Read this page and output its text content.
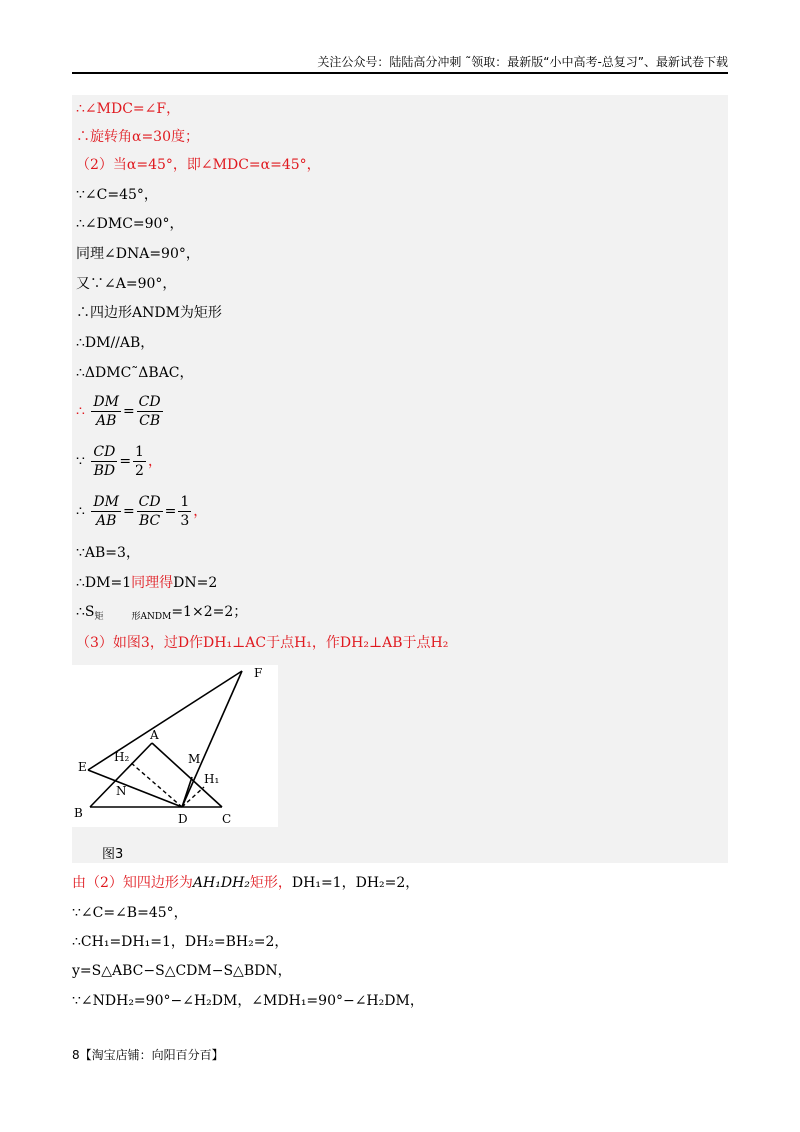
关注公众号：陆陆高分冲刺 ˜领取：最新版“小中高考-总复习”、最新试卷下载
∴∠MDC=∠F，
∴旋转角α=30度；
（2）当α=45°，即∠MDC=α=45°，
∵∠C=45°，
∴∠DMC=90°，
同理∠DNA=90°，
又∵∠A=90°，
∴四边形ANDM为矩形
∴DM//AB，
∴ΔDMC˜ΔBAC，
∴ $\frac{DM}{AB} = \frac{CD}{CB}$
∵ $\frac{CD}{BD} = \frac{1}{2}$ ，
∴ $\frac{DM}{AB} = \frac{CD}{BC} = \frac{1}{3}$ ，
∵AB=3，
∴DM=1同理得DN=2
$\therefore S_矩$	$_{形ANDM}$=1×2=2；
（3）如图3，过D作DH₁⊥AC于点H₁，作DH₂⊥AB于点H₂
F
A
H₂	M
E
H₁
N
B	D	C
图3
由（2）知四边形为AH₁DH₂矩形，DH₁=1，DH₂=2，
∵∠C=∠B=45°，
∴CH₁=DH₁=1，DH₂=BH₂=2，
y=S△ABC−S△CDM−S△BDN，
∵∠NDH₂=90°−∠H₂DM，∠MDH₁=90°−∠H₂DM，
8【淘宝店铺：向阳百分百】
